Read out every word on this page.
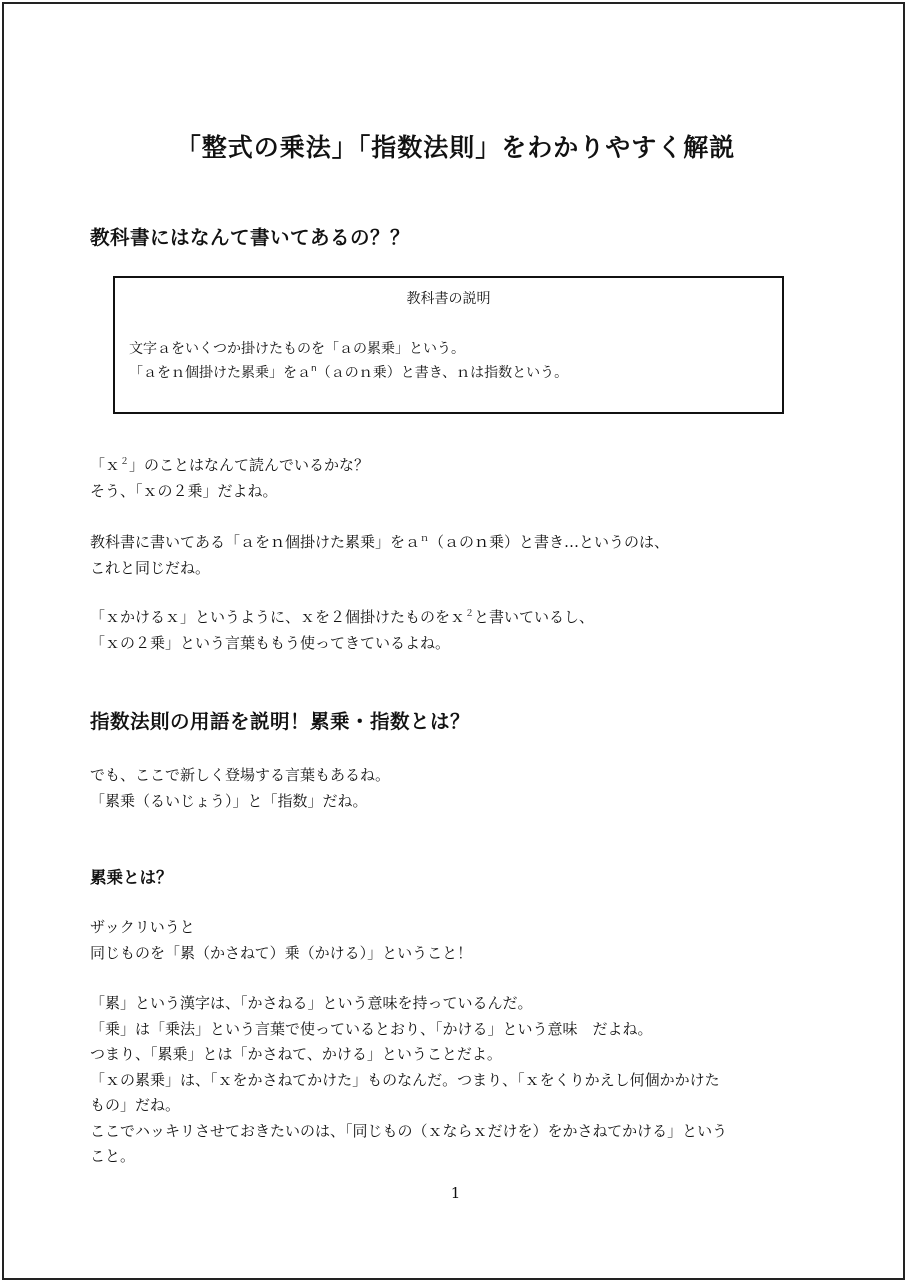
「整式の乗法」「指数法則」をわかりやすく解説
教科書にはなんて書いてあるの？？

教科書の説明

文字ａをいくつか掛けたものを「ａの累乗」という。

「ａをｎ個掛けた累乗」をａ$^n$（ａのｎ乗）と書き、ｎは指数という。

「ｘ$^2$」のことはなんて読んでいるかな？
そう、「ｘの２乗」だよね。
教科書に書いてある「ａをｎ個掛けた累乗」をａ$^n$（ａのｎ乗）と書き…というのは、
これと同じだね。
「ｘかけるｘ」というように、ｘを２個掛けたものをｘ$^2$と書いているし、
「ｘの２乗」という言葉ももう使ってきているよね。
指数法則の用語を説明！累乗・指数とは？
でも、ここで新しく登場する言葉もあるね。
「累乗（るいじょう）」と「指数」だね。
累乗とは？
ザックリいうと
同じものを「累（かさねて）乗（かける）」ということ！
「累」という漢字は、「かさねる」という意味を持っているんだ。
「乗」は「乗法」という言葉で使っているとおり、「かける」という意味　だよね。
つまり、「累乗」とは「かさねて、かける」ということだよ。
「ｘの累乗」は、「ｘをかさねてかけた」ものなんだ。つまり、「ｘをくりかえし何個かかけた
もの」だね。
ここでハッキリさせておきたいのは、「同じもの（ｘならｘだけを）をかさねてかける」という
こと。

1
